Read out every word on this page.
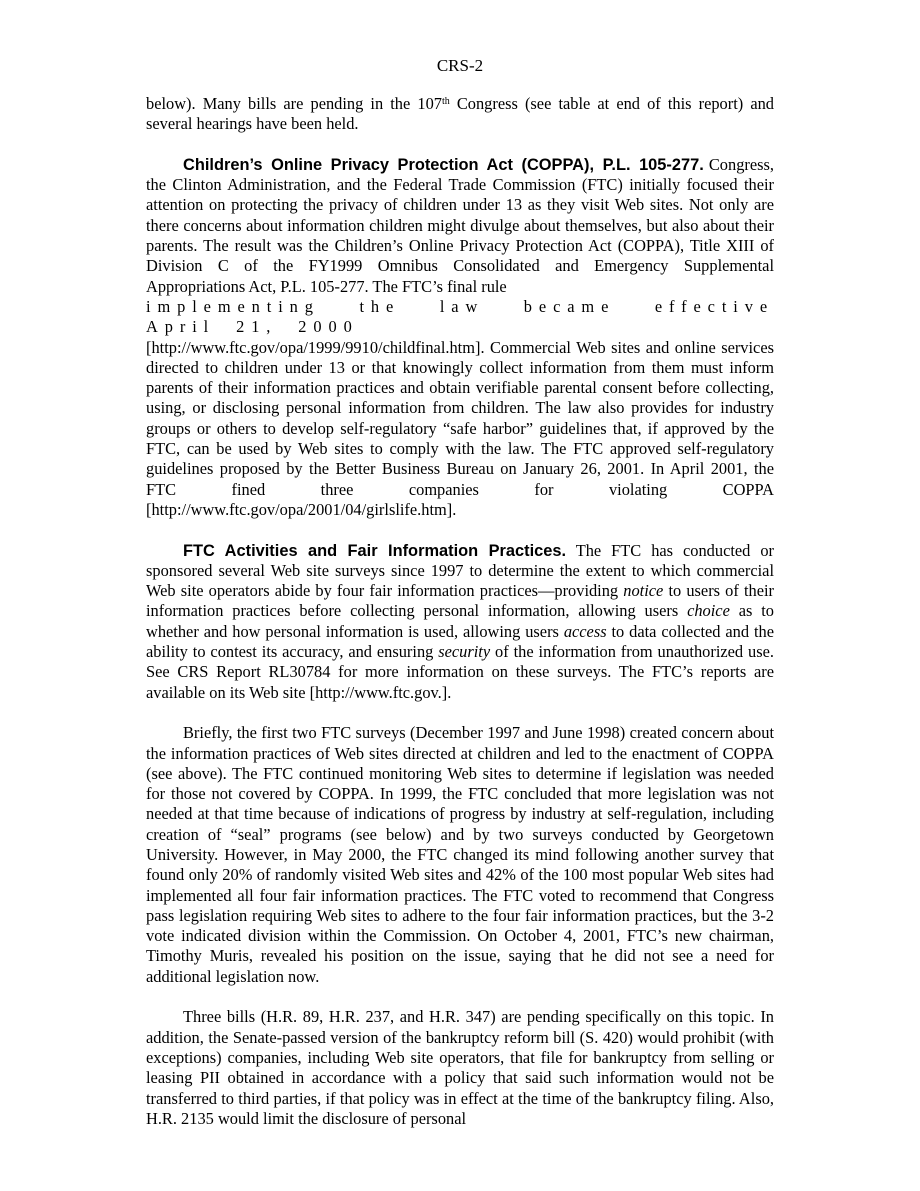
CRS-2

below). Many bills are pending in the 107th Congress (see table at end of this report) and several hearings have been held.

Children’s Online Privacy Protection Act (COPPA), P.L. 105-277. Congress, the Clinton Administration, and the Federal Trade Commission (FTC) initially focused their attention on protecting the privacy of children under 13 as they visit Web sites. Not only are there concerns about information children might divulge about themselves, but also about their parents. The result was the Children’s Online Privacy Protection Act (COPPA), Title XIII of Division C of the FY1999 Omnibus Consolidated and Emergency Supplemental Appropriations Act, P.L. 105-277. The FTC’s final rule
implementing the law became effective April 21, 2000
[http://www.ftc.gov/opa/1999/9910/childfinal.htm]. Commercial Web sites and online services directed to children under 13 or that knowingly collect information from them must inform parents of their information practices and obtain verifiable parental consent before collecting, using, or disclosing personal information from children. The law also provides for industry groups or others to develop self-regulatory “safe harbor” guidelines that, if approved by the FTC, can be used by Web sites to comply with the law. The FTC approved self-regulatory guidelines proposed by the Better Business Bureau on January 26, 2001. In April 2001, the FTC fined three companies for violating COPPA [http://www.ftc.gov/opa/2001/04/girlslife.htm].

FTC Activities and Fair Information Practices. The FTC has conducted or sponsored several Web site surveys since 1997 to determine the extent to which commercial Web site operators abide by four fair information practices—providing notice to users of their information practices before collecting personal information, allowing users choice as to whether and how personal information is used, allowing users access to data collected and the ability to contest its accuracy, and ensuring security of the information from unauthorized use. See CRS Report RL30784 for more information on these surveys. The FTC’s reports are available on its Web site [http://www.ftc.gov.].

Briefly, the first two FTC surveys (December 1997 and June 1998) created concern about the information practices of Web sites directed at children and led to the enactment of COPPA (see above). The FTC continued monitoring Web sites to determine if legislation was needed for those not covered by COPPA. In 1999, the FTC concluded that more legislation was not needed at that time because of indications of progress by industry at self-regulation, including creation of “seal” programs (see below) and by two surveys conducted by Georgetown University. However, in May 2000, the FTC changed its mind following another survey that found only 20% of randomly visited Web sites and 42% of the 100 most popular Web sites had implemented all four fair information practices. The FTC voted to recommend that Congress pass legislation requiring Web sites to adhere to the four fair information practices, but the 3-2 vote indicated division within the Commission. On October 4, 2001, FTC’s new chairman, Timothy Muris, revealed his position on the issue, saying that he did not see a need for additional legislation now.

Three bills (H.R. 89, H.R. 237, and H.R. 347) are pending specifically on this topic. In addition, the Senate-passed version of the bankruptcy reform bill (S. 420) would prohibit (with exceptions) companies, including Web site operators, that file for bankruptcy from selling or leasing PII obtained in accordance with a policy that said such information would not be transferred to third parties, if that policy was in effect at the time of the bankruptcy filing. Also, H.R. 2135 would limit the disclosure of personal
